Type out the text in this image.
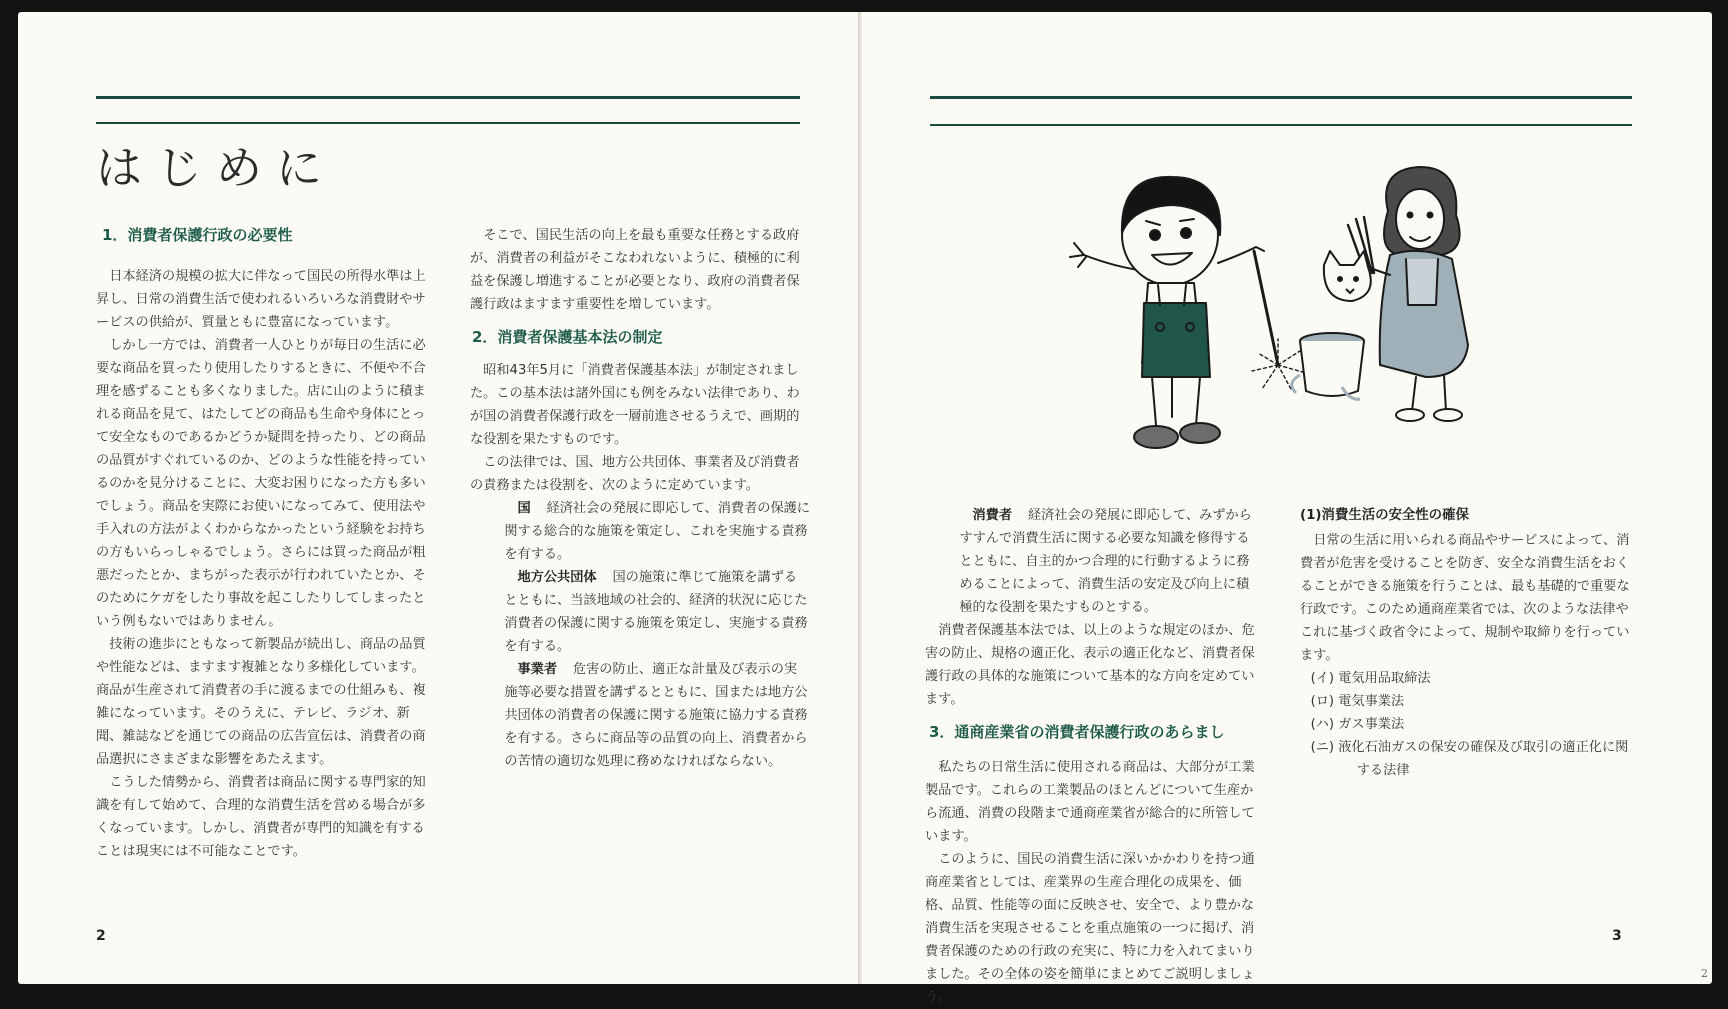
はじめに
1．消費者保護行政の必要性

日本経済の規模の拡大に伴なって国民の所得水準は上昇し、日常の消費生活で使われるいろいろな消費財やサービスの供給が、質量ともに豊富になっています。

しかし一方では、消費者一人ひとりが毎日の生活に必要な商品を買ったり使用したりするときに、不便や不合理を感ずることも多くなりました。店に山のように積まれる商品を見て、はたしてどの商品も生命や身体にとって安全なものであるかどうか疑問を持ったり、どの商品の品質がすぐれているのか、どのような性能を持っているのかを見分けることに、大変お困りになった方も多いでしょう。商品を実際にお使いになってみて、使用法や手入れの方法がよくわからなかったという経験をお持ちの方もいらっしゃるでしょう。さらには買った商品が粗悪だったとか、まちがった表示が行われていたとか、そのためにケガをしたり事故を起こしたりしてしまったという例もないではありません。

技術の進歩にともなって新製品が続出し、商品の品質や性能などは、ますます複雑となり多様化しています。商品が生産されて消費者の手に渡るまでの仕組みも、複雑になっています。そのうえに、テレビ、ラジオ、新聞、雑誌などを通じての商品の広告宣伝は、消費者の商品選択にさまざまな影響をあたえます。

こうした情勢から、消費者は商品に関する専門家的知識を有して始めて、合理的な消費生活を営める場合が多くなっています。しかし、消費者が専門的知識を有することは現実には不可能なことです。

そこで、国民生活の向上を最も重要な任務とする政府が、消費者の利益がそこなわれないように、積極的に利益を保護し増進することが必要となり、政府の消費者保護行政はますます重要性を増しています。

2．消費者保護基本法の制定

昭和43年5月に「消費者保護基本法」が制定されました。この基本法は諸外国にも例をみない法律であり、わが国の消費者保護行政を一層前進させるうえで、画期的な役割を果たすものです。

この法律では、国、地方公共団体、事業者及び消費者の責務または役割を、次のように定めています。

国 経済社会の発展に即応して、消費者の保護に関する総合的な施策を策定し、これを実施する責務を有する。

地方公共団体 国の施策に準じて施策を講ずるとともに、当該地域の社会的、経済的状況に応じた消費者の保護に関する施策を策定し、実施する責務を有する。

事業者 危害の防止、適正な計量及び表示の実施等必要な措置を講ずるとともに、国または地方公共団体の消費者の保護に関する施策に協力する責務を有する。さらに商品等の品質の向上、消費者からの苦情の適切な処理に務めなければならない。

2

消費者 経済社会の発展に即応して、みずからすすんで消費生活に関する必要な知識を修得するとともに、自主的かつ合理的に行動するように務めることによって、消費生活の安定及び向上に積極的な役割を果たすものとする。

消費者保護基本法では、以上のような規定のほか、危害の防止、規格の適正化、表示の適正化など、消費者保護行政の具体的な施策について基本的な方向を定めています。

3．通商産業省の消費者保護行政のあらまし

私たちの日常生活に使用される商品は、大部分が工業製品です。これらの工業製品のほとんどについて生産から流通、消費の段階まで通商産業省が総合的に所管しています。

このように、国民の消費生活に深いかかわりを持つ通商産業省としては、産業界の生産合理化の成果を、価格、品質、性能等の面に反映させ、安全で、より豊かな消費生活を実現させることを重点施策の一つに掲げ、消費者保護のための行政の充実に、特に力を入れてまいりました。その全体の姿を簡単にまとめてご説明しましょう。

(1)消費生活の安全性の確保

日常の生活に用いられる商品やサービスによって、消費者が危害を受けることを防ぎ、安全な消費生活をおくることができる施策を行うことは、最も基礎的で重要な行政です。このため通商産業省では、次のような法律やこれに基づく政省令によって、規制や取締りを行っています。

(イ) 電気用品取締法
(ロ) 電気事業法
(ハ) ガス事業法
(ニ) 液化石油ガスの保安の確保及び取引の適正化に関する法律
3
2
